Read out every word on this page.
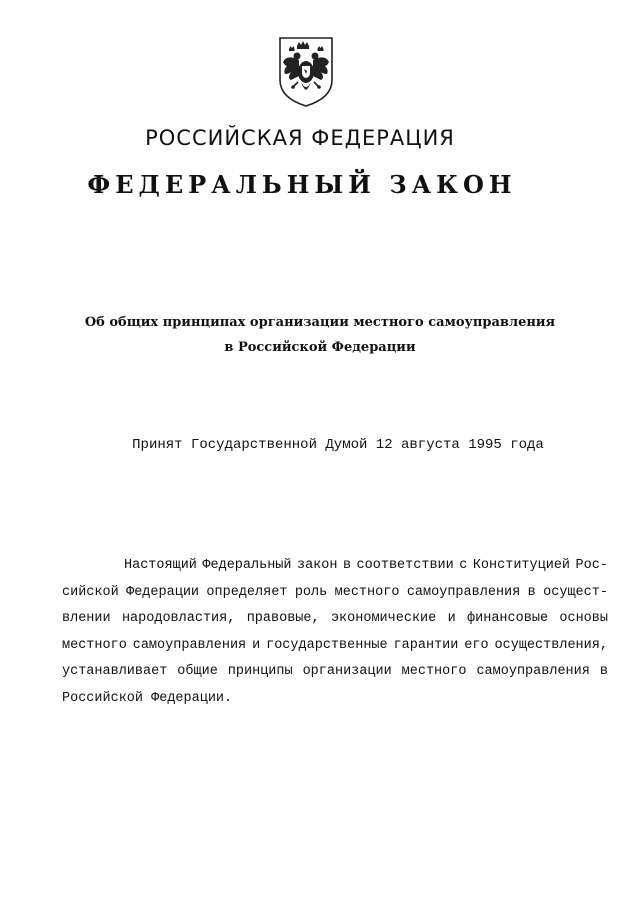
РОССИЙСКАЯ ФЕДЕРАЦИЯ
ФЕДЕРАЛЬНЫЙ ЗАКОН
Об общих принципах организации местного самоуправления
в Российской Федерации
Принят Государственной Думой 12 августа 1995 года
Настоящий Федеральный закон в соответствии с Конституцией Рос-
сийской Федерации определяет роль местного самоуправления в осущест-
влении народовластия, правовые, экономические и финансовые основы
местного самоуправления и государственные гарантии его осуществления,
устанавливает общие принципы организации местного самоуправления в
Российской Федерации.
